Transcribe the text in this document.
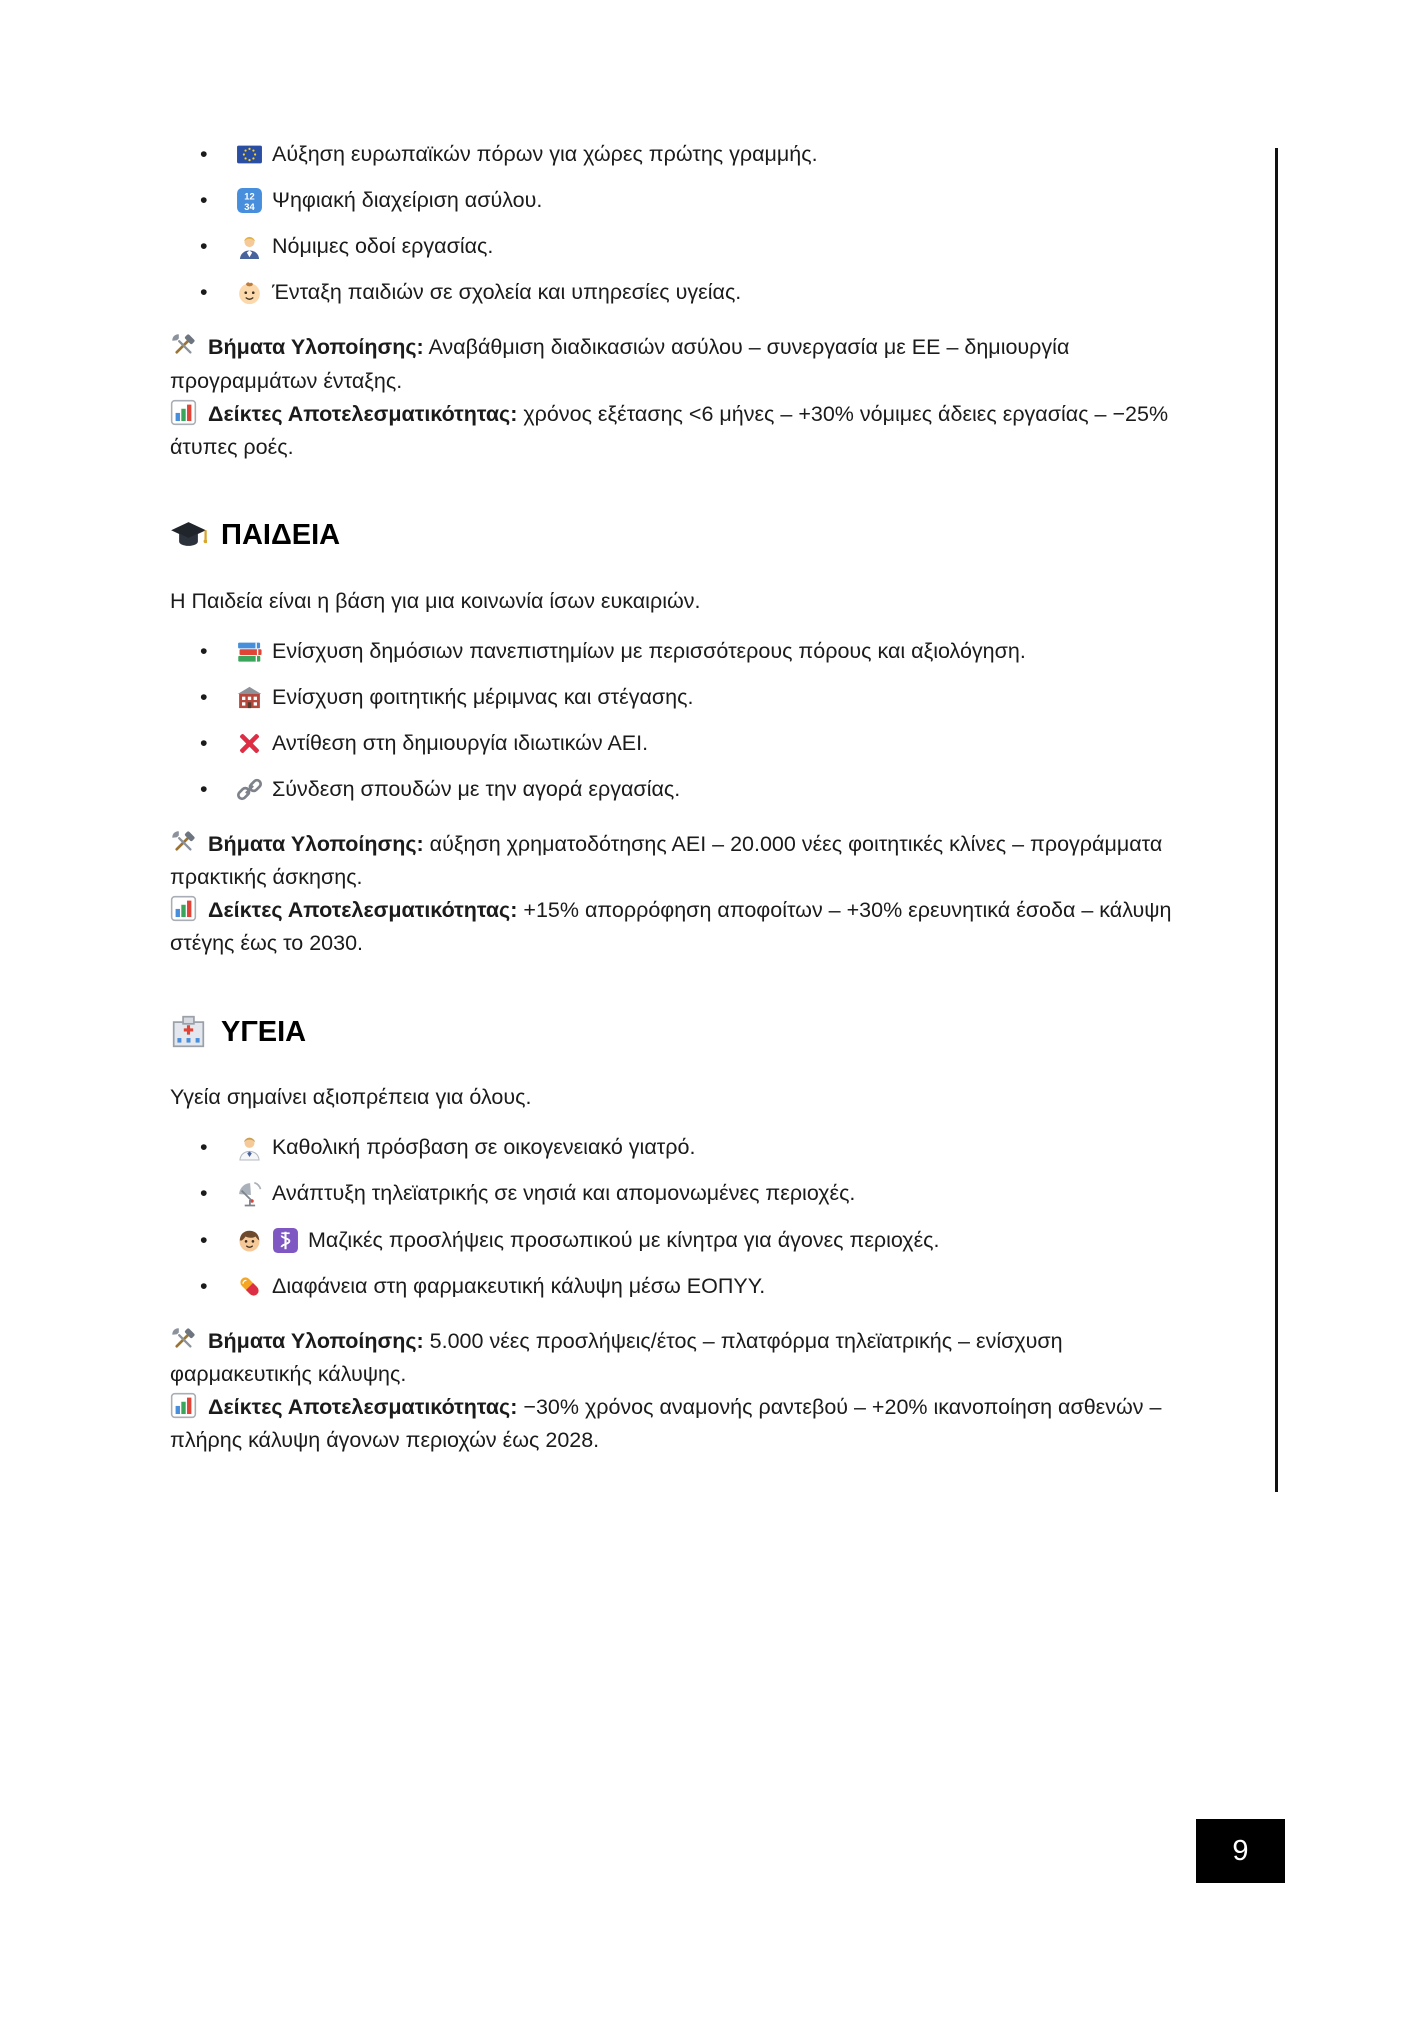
•
Αύξηση ευρωπαϊκών πόρων για χώρες πρώτης γραμμής.
•
Ψηφιακή διαχείριση ασύλου.
•
Νόμιμες οδοί εργασίας.
•
Ένταξη παιδιών σε σχολεία και υπηρεσίες υγείας.

Βήματα Υλοποίησης: Αναβάθμιση διαδικασιών ασύλου – συνεργασία με ΕΕ – δημιουργία προγραμμάτων ένταξης.

Δείκτες Αποτελεσματικότητας: χρόνος εξέτασης <6 μήνες – +30% νόμιμες άδειες εργασίας – −25% άτυπες ροές.

ΠΑΙΔΕΙΑ

Η Παιδεία είναι η βάση για μια κοινωνία ίσων ευκαιριών.

•
Ενίσχυση δημόσιων πανεπιστημίων με περισσότερους πόρους και αξιολόγηση.
•
Ενίσχυση φοιτητικής μέριμνας και στέγασης.
•
Αντίθεση στη δημιουργία ιδιωτικών ΑΕΙ.
•
Σύνδεση σπουδών με την αγορά εργασίας.

Βήματα Υλοποίησης: αύξηση χρηματοδότησης ΑΕΙ – 20.000 νέες φοιτητικές κλίνες – προγράμματα πρακτικής άσκησης.

Δείκτες Αποτελεσματικότητας: +15% απορρόφηση αποφοίτων – +30% ερευνητικά έσοδα – κάλυψη στέγης έως το 2030.

ΥΓΕΙΑ

Υγεία σημαίνει αξιοπρέπεια για όλους.

•
Καθολική πρόσβαση σε οικογενειακό γιατρό.
•
Ανάπτυξη τηλεϊατρικής σε νησιά και απομονωμένες περιοχές.
•
Μαζικές προσλήψεις προσωπικού με κίνητρα για άγονες περιοχές.
•
Διαφάνεια στη φαρμακευτική κάλυψη μέσω ΕΟΠΥΥ.

Βήματα Υλοποίησης: 5.000 νέες προσλήψεις/έτος – πλατφόρμα τηλεϊατρικής – ενίσχυση φαρμακευτικής κάλυψης.

Δείκτες Αποτελεσματικότητας: −30% χρόνος αναμονής ραντεβού – +20% ικανοποίηση ασθενών – πλήρης κάλυψη άγονων περιοχών έως 2028.

9
